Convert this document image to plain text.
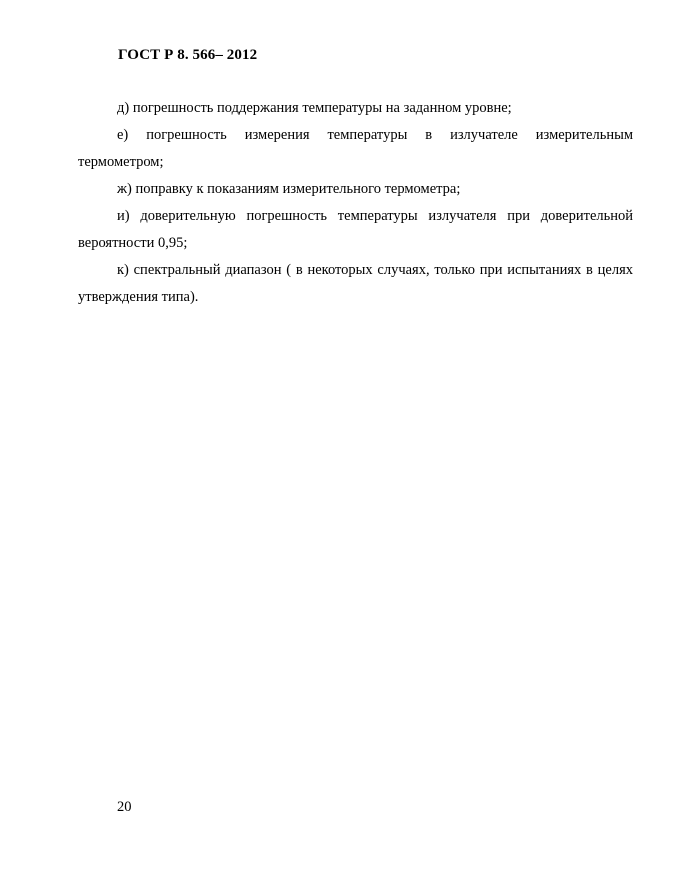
ГОСТ Р 8. 566– 2012

д) погрешность поддержания температуры на заданном уровне;

е) погрешность измерения температуры в излучателе измерительным термометром;

ж) поправку к показаниям измерительного термометра;

и) доверительную погрешность температуры излучателя при доверительной вероятности 0,95;

к) спектральный диапазон ( в некоторых случаях, только при испытаниях в целях утверждения типа).

20
